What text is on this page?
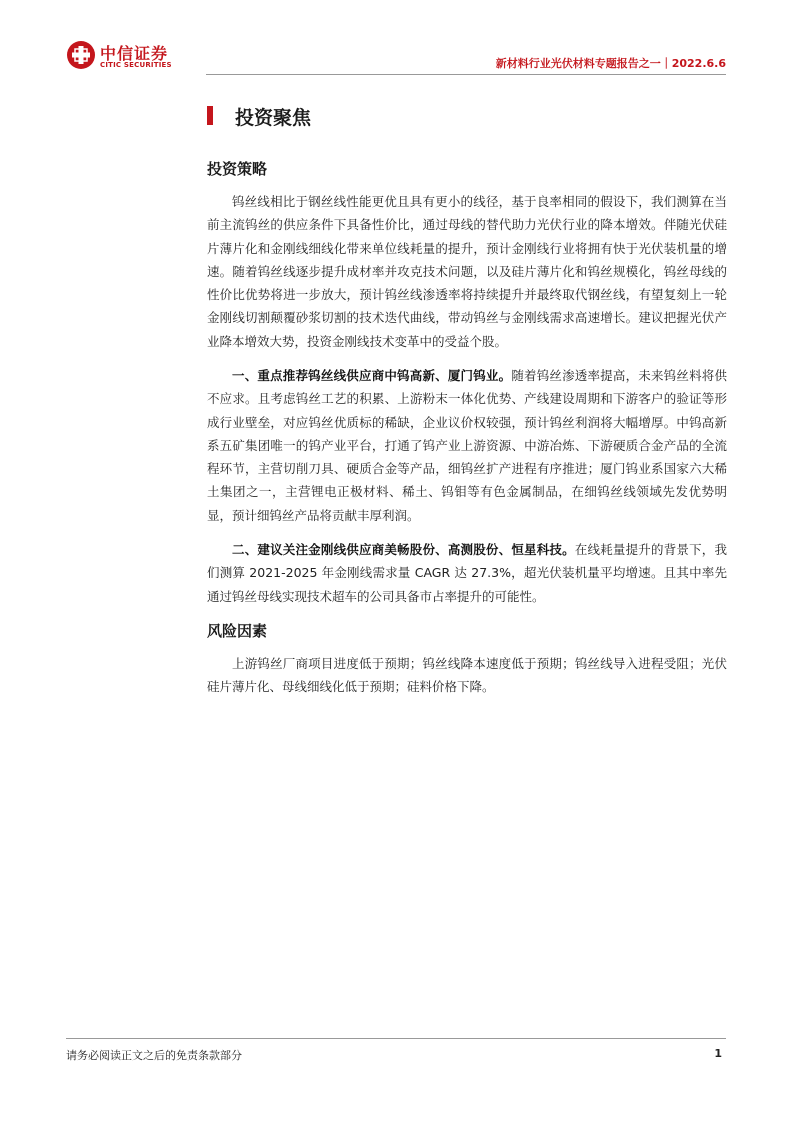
中信证券
CITIC SECURITIES	新材料行业光伏材料专题报告之一｜2022.6.6
投资聚焦
投资策略

钨丝线相比于钢丝线性能更优且具有更小的线径，基于良率相同的假设下，我们测算在当前主流钨丝的供应条件下具备性价比，通过母线的替代助力光伏行业的降本增效。伴随光伏硅片薄片化和金刚线细线化带来单位线耗量的提升，预计金刚线行业将拥有快于光伏装机量的增速。随着钨丝线逐步提升成材率并攻克技术问题，以及硅片薄片化和钨丝规模化，钨丝母线的性价比优势将进一步放大，预计钨丝线渗透率将持续提升并最终取代钢丝线，有望复刻上一轮金刚线切割颠覆砂浆切割的技术迭代曲线，带动钨丝与金刚线需求高速增长。建议把握光伏产业降本增效大势，投资金刚线技术变革中的受益个股。

一、重点推荐钨丝线供应商中钨高新、厦门钨业。随着钨丝渗透率提高，未来钨丝料将供不应求。且考虑钨丝工艺的积累、上游粉末一体化优势、产线建设周期和下游客户的验证等形成行业壁垒，对应钨丝优质标的稀缺，企业议价权较强，预计钨丝利润将大幅增厚。中钨高新系五矿集团唯一的钨产业平台，打通了钨产业上游资源、中游冶炼、下游硬质合金产品的全流程环节，主营切削刀具、硬质合金等产品，细钨丝扩产进程有序推进；厦门钨业系国家六大稀土集团之一，主营锂电正极材料、稀土、钨钼等有色金属制品，在细钨丝线领域先发优势明显，预计细钨丝产品将贡献丰厚利润。

二、建议关注金刚线供应商美畅股份、高测股份、恒星科技。在线耗量提升的背景下，我们测算 2021-2025 年金刚线需求量 CAGR 达 27.3%，超光伏装机量平均增速。且其中率先通过钨丝母线实现技术超车的公司具备市占率提升的可能性。

风险因素

上游钨丝厂商项目进度低于预期；钨丝线降本速度低于预期；钨丝线导入进程受阻；光伏硅片薄片化、母线细线化低于预期；硅料价格下降。

请务必阅读正文之后的免责条款部分	1
